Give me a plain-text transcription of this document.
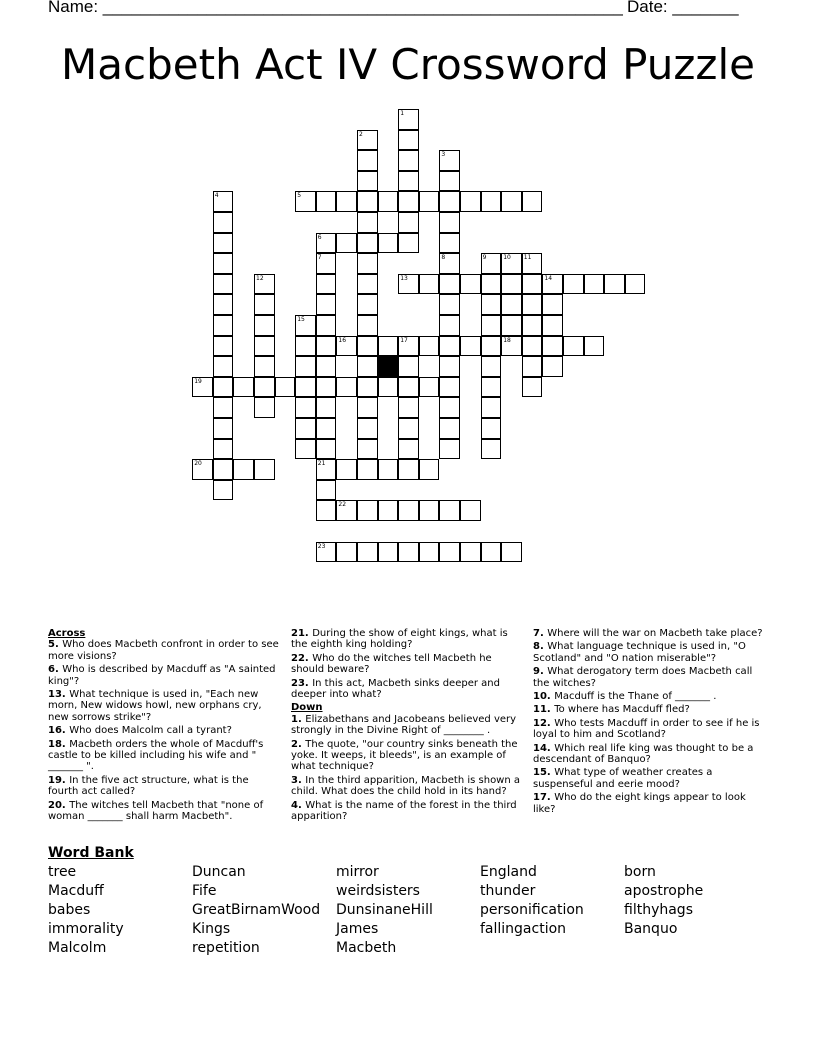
Name: _______________________________________________________ Date: _______
Macbeth Act IV Crossword Puzzle
1
2
3
4	5
6
7
21
8	9	10 11
12	13	14
15
16	17	18
19
20
22
23
Across
5. Who does Macbeth confront in order to see more visions?
6. Who is described by Macduff as "A sainted king"?
13. What technique is used in, "Each new morn, New widows howl, new orphans cry, new sorrows strike"?
16. Who does Malcolm call a tyrant?
18. Macbeth orders the whole of Macduff's castle to be killed including his wife and " _______ ".
19. In the five act structure, what is the fourth act called?
20. The witches tell Macbeth that "none of woman _______ shall harm Macbeth".
21. During the show of eight kings, what is the eighth king holding?
22. Who do the witches tell Macbeth he should beware?
23. In this act, Macbeth sinks deeper and deeper into what?
Down
1. Elizabethans and Jacobeans believed very strongly in the Divine Right of ________ .
2. The quote, "our country sinks beneath the yoke. It weeps, it bleeds", is an example of what technique?
3. In the third apparition, Macbeth is shown a child. What does the child hold in its hand?
4. What is the name of the forest in the third apparition?
7. Where will the war on Macbeth take place?
8. What language technique is used in, "O Scotland" and "O nation miserable"?
9. What derogatory term does Macbeth call the witches?
10. Macduff is the Thane of _______ .
11. To where has Macduff fled?
12. Who tests Macduff in order to see if he is loyal to him and Scotland?
14. Which real life king was thought to be a descendant of Banquo?
15. What type of weather creates a suspenseful and eerie mood?
17. Who do the eight kings appear to look like?
Word Bank
tree
Macduff
babes
immorality
Malcolm
Duncan
Fife
GreatBirnamWood
Kings
repetition
mirror
weirdsisters
DunsinaneHill
James
Macbeth
England
thunder
personification
fallingaction
born
apostrophe
filthyhags
Banquo
